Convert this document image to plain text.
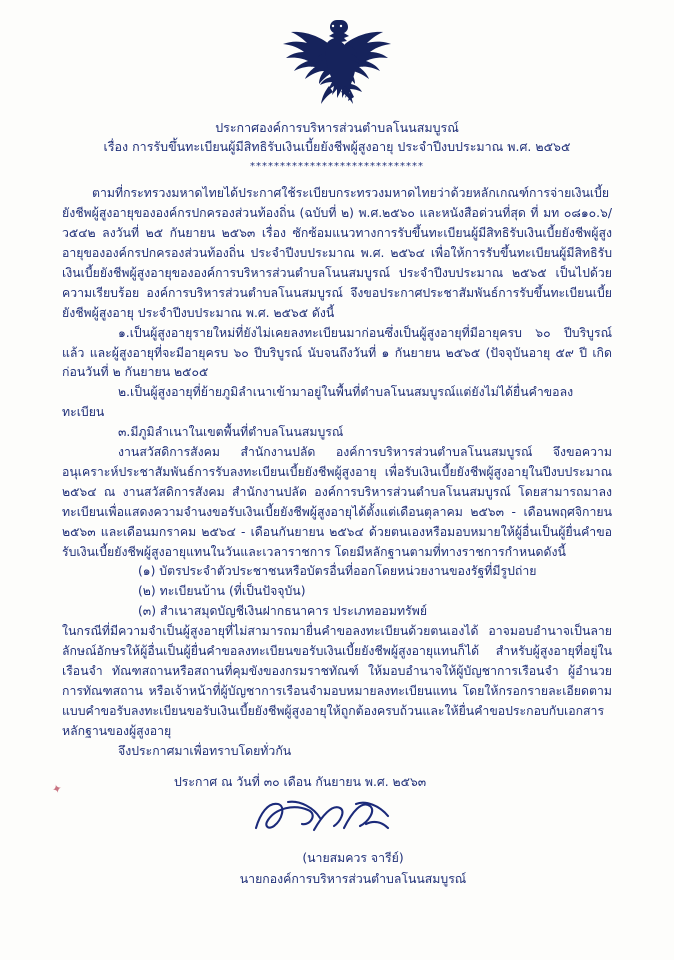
ประกาศองค์การบริหารส่วนตำบลโนนสมบูรณ์
เรื่อง การรับขึ้นทะเบียนผู้มีสิทธิรับเงินเบี้ยยังชีพผู้สูงอายุ ประจำปีงบประมาณ พ.ศ. ๒๕๖๕
*****************************

ตามที่กระทรวงมหาดไทยได้ประกาศใช้ระเบียบกระทรวงมหาดไทยว่าด้วยหลักเกณฑ์การจ่ายเงินเบี้ยยังชีพผู้สูงอายุขององค์กรปกครองส่วนท้องถิ่น (ฉบับที่ ๒) พ.ศ.๒๕๖๐ และหนังสือด่วนที่สุด ที่ มท ๐๘๑๐.๖/ว๕๔๒ ลงวันที่ ๒๕ กันยายน ๒๕๖๓ เรื่อง ซักซ้อมแนวทางการรับขึ้นทะเบียนผู้มีสิทธิรับเงินเบี้ยยังชีพผู้สูงอายุขององค์กรปกครองส่วนท้องถิ่น ประจำปีงบประมาณ พ.ศ. ๒๕๖๔ เพื่อให้การรับขึ้นทะเบียนผู้มีสิทธิรับเงินเบี้ยยังชีพผู้สูงอายุขององค์การบริหารส่วนตำบลโนนสมบูรณ์ ประจำปีงบประมาณ ๒๕๖๕ เป็นไปด้วยความเรียบร้อย องค์การบริหารส่วนตำบลโนนสมบูรณ์ จึงขอประกาศประชาสัมพันธ์การรับขึ้นทะเบียนเบี้ยยังชีพผู้สูงอายุ ประจำปีงบประมาณ พ.ศ. ๒๕๖๕ ดังนี้

๑.เป็นผู้สูงอายุรายใหม่ที่ยังไม่เคยลงทะเบียนมาก่อนซึ่งเป็นผู้สูงอายุที่มีอายุครบ ๖๐ ปีบริบูรณ์แล้ว และผู้สูงอายุที่จะมีอายุครบ ๖๐ ปีบริบูรณ์ นับจนถึงวันที่ ๑ กันยายน ๒๕๖๕ (ปัจจุบันอายุ ๕๙ ปี เกิดก่อนวันที่ ๒ กันยายน ๒๕๐๕

๒.เป็นผู้สูงอายุที่ย้ายภูมิลำเนาเข้ามาอยู่ในพื้นที่ตำบลโนนสมบูรณ์แต่ยังไม่ได้ยื่นคำขอลงทะเบียน

๓.มีภูมิลำเนาในเขตพื้นที่ตำบลโนนสมบูรณ์

งานสวัสดิการสังคม สำนักงานปลัด องค์การบริหารส่วนตำบลโนนสมบูรณ์ จึงขอความอนุเคราะห์ประชาสัมพันธ์การรับลงทะเบียนเบี้ยยังชีพผู้สูงอายุ เพื่อรับเงินเบี้ยยังชีพผู้สูงอายุในปีงบประมาณ ๒๕๖๔ ณ งานสวัสดิการสังคม สำนักงานปลัด องค์การบริหารส่วนตำบลโนนสมบูรณ์ โดยสามารถมาลงทะเบียนเพื่อแสดงความจำนงขอรับเงินเบี้ยยังชีพผู้สูงอายุได้ตั้งแต่เดือนตุลาคม ๒๕๖๓ - เดือนพฤศจิกายน ๒๕๖๓ และเดือนมกราคม ๒๕๖๔ - เดือนกันยายน ๒๕๖๔ ด้วยตนเองหรือมอบหมายให้ผู้อื่นเป็นผู้ยื่นคำขอรับเงินเบี้ยยังชีพผู้สูงอายุแทนในวันและเวลาราชการ โดยมีหลักฐานตามที่ทางราชการกำหนดดังนี้

(๑) บัตรประจำตัวประชาชนหรือบัตรอื่นที่ออกโดยหน่วยงานของรัฐที่มีรูปถ่าย

(๒) ทะเบียนบ้าน (ที่เป็นปัจจุบัน)

(๓) สำเนาสมุดบัญชีเงินฝากธนาคาร ประเภทออมทรัพย์

ในกรณีที่มีความจำเป็นผู้สูงอายุที่ไม่สามารถมายื่นคำขอลงทะเบียนด้วยตนเองได้ อาจมอบอำนาจเป็นลายลักษณ์อักษรให้ผู้อื่นเป็นผู้ยื่นคำขอลงทะเบียนขอรับเงินเบี้ยยังชีพผู้สูงอายุแทนก็ได้ สำหรับผู้สูงอายุที่อยู่ในเรือนจำ ทัณฑสถานหรือสถานที่คุมขังของกรมราชทัณฑ์ ให้มอบอำนาจให้ผู้บัญชาการเรือนจำ ผู้อำนวยการทัณฑสถาน หรือเจ้าหน้าที่ผู้บัญชาการเรือนจำมอบหมายลงทะเบียนแทน โดยให้กรอกรายละเอียดตามแบบคำขอรับลงทะเบียนขอรับเงินเบี้ยยังชีพผู้สูงอายุให้ถูกต้องครบถ้วนและให้ยื่นคำขอประกอบกับเอกสารหลักฐานของผู้สูงอายุ

จึงประกาศมาเพื่อทราบโดยทั่วกัน

ประกาศ ณ วันที่ ๓๐ เดือน กันยายน พ.ศ. ๒๕๖๓
(นายสมควร จารีย์)
นายกองค์การบริหารส่วนตำบลโนนสมบูรณ์
✦
